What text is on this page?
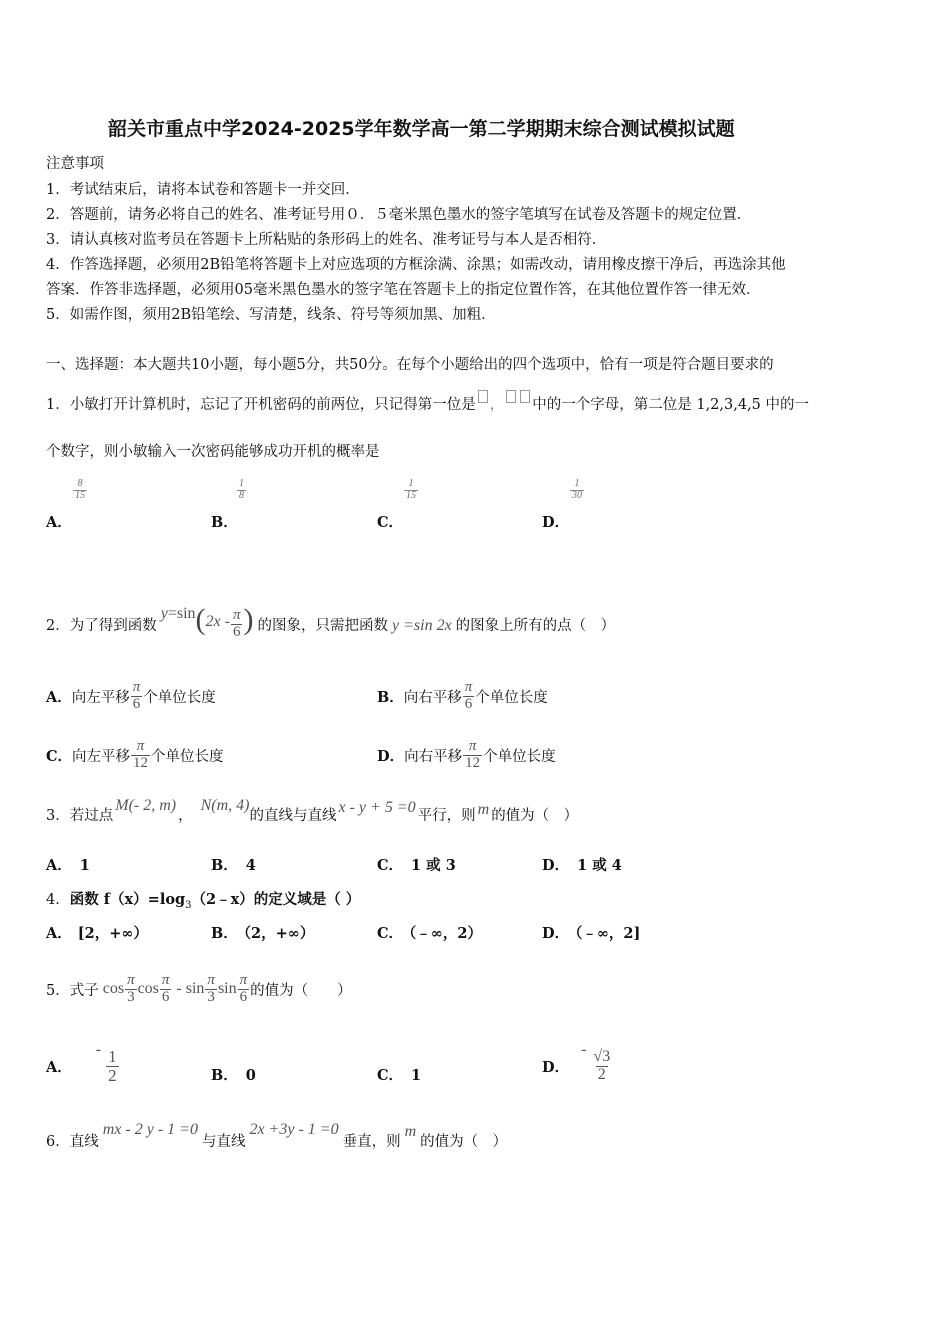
韶关市重点中学2024-2025学年数学高一第二学期期末综合测试模拟试题
注意事项
1．考试结束后，请将本试卷和答题卡一并交回．
2．答题前，请务必将自己的姓名、准考证号用０．５毫米黑色墨水的签字笔填写在试卷及答题卡的规定位置．
3．请认真核对监考员在答题卡上所粘贴的条形码上的姓名、准考证号与本人是否相符．
4．作答选择题，必须用2B铅笔将答题卡上对应选项的方框涂满、涂黑；如需改动，请用橡皮擦干净后，再选涂其他
答案．作答非选择题，必须用05毫米黑色墨水的签字笔在答题卡上的指定位置作答，在其他位置作答一律无效．
5．如需作图，须用2B铅笔绘、写清楚，线条、符号等须加黑、加粗．
一、选择题：本大题共10小题，每小题5分，共50分。在每个小题给出的四个选项中，恰有一项是符合题目要求的
1．小敏打开计算机时，忘记了开机密码的前两位，只记得第一位是 ， 中的一个字母，第二位是 1,2,3,4,5 中的一
个数字，则小敏输入一次密码能够成功开机的概率是
A．
$\frac{8}{15}$
B．
$\frac{1}{8}$
C．
$\frac{1}{15}$
D．
$\frac{1}{30}$
2． 为了得到函数
y =sin ( $2x - \frac{\pi}{6}$ ) 的图象，只需把函数 y =sin 2x 的图象上所有的点（　）
A． 向左平移 $\frac{\pi}{6}$ 个单位长度	B． 向右平移 $\frac{\pi}{6}$ 个单位长度
C． 向左平移 $\frac{\pi}{12}$ 个单位长度	D． 向右平移 $\frac{\pi}{12}$ 个单位长度
3． 若过点
M(- 2, m)
，
N(m, 4)
的直线与直线 x - y + 5 =0 平行，则 m 的值为（　）
A． 1	B． 4	C． 1 或 3	D． 1 或 4
4．函数 $f(x)=\log_3(2﹣x)$的定义域是（ ）
A． [2，+∞）	B． （2，+∞）	C． （﹣∞，2）	D． （﹣∞，2]
5． 式子 $\cos \frac{\pi}{3}$ $\cos \frac{\pi}{6}$ - $\sin \frac{\pi}{3}$ $\sin \frac{\pi}{6}$ 的值为（　　）
A．
- $\frac{1}{2}$	B． 0	C． 1	D．
- $\frac{√3}{2}$
6． 直线
mx - 2 y - 1 =0
与直线
2x +3y - 1 =0
垂直，则
m
的值为（　）
